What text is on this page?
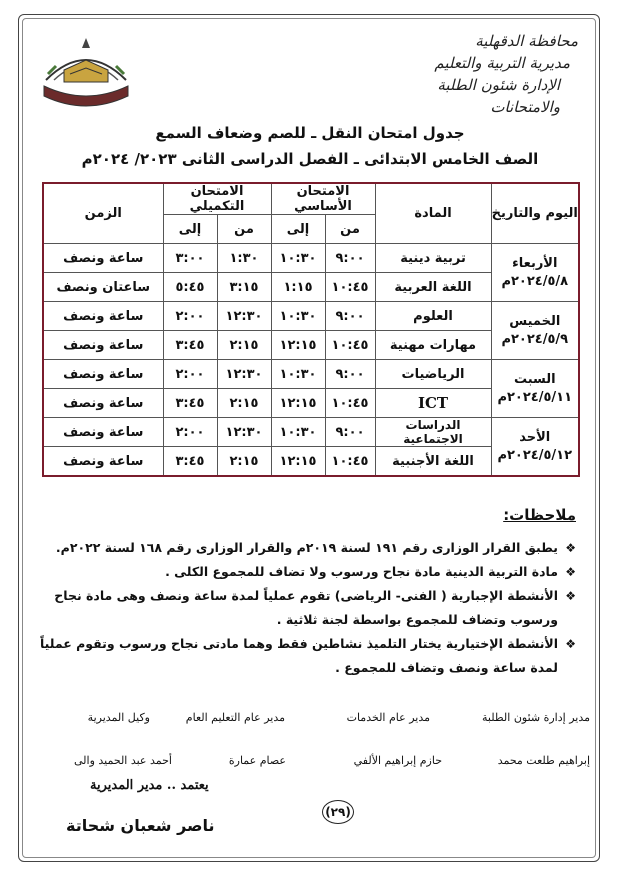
محافظة الدقهلية
مديرية التربية والتعليم
الإدارة شئون الطلبة والامتحانات
جدول امتحان النقل ـ للصم وضعاف السمع
الصف الخامس الابتدائى ـ الفصل الدراسى الثانى ٢٠٢٣/ ٢٠٢٤م
اليوم والتاريخ	المادة	الامتحان الأساسي		الامتحان التكميلي		الزمن
		من	إلى	من	إلى	

الأربعاء
٢٠٢٤/٥/٨م	تربية دينية	٩:٠٠	١٠:٣٠	١:٣٠	٣:٠٠	ساعة ونصف
	اللغة العربية	١٠:٤٥	١:١٥	٣:١٥	٥:٤٥	ساعتان ونصف

الخميس
٢٠٢٤/٥/٩م	العلوم	٩:٠٠	١٠:٣٠	١٢:٣٠	٢:٠٠	ساعة ونصف
	مهارات مهنية	١٠:٤٥	١٢:١٥	٢:١٥	٣:٤٥	ساعة ونصف

السبت
٢٠٢٤/٥/١١م	الرياضيات	٩:٠٠	١٠:٣٠	١٢:٣٠	٢:٠٠	ساعة ونصف
	ICT	١٠:٤٥	١٢:١٥	٢:١٥	٣:٤٥	ساعة ونصف

الأحد
٢٠٢٤/٥/١٢م	الدراسات الاجتماعية	٩:٠٠	١٠:٣٠	١٢:٣٠	٢:٠٠	ساعة ونصف
	اللغة الأجنبية	١٠:٤٥	١٢:١٥	٢:١٥	٣:٤٥	ساعة ونصف
ملاحظات:
❖
يطبق القرار الوزارى رقم ١٩١ لسنة ٢٠١٩م والقرار الوزارى رقم ١٦٨ لسنة ٢٠٢٢م.
❖
مادة التربية الدينية مادة نجاح ورسوب ولا تضاف للمجموع الكلى .
❖
الأنشطة الإجبارية ( الفنى- الرياضى) تقوم عملياً لمدة ساعة ونصف وهى مادة نجاح ورسوب وتضاف للمجموع بواسطة لجنة ثلاثية .
❖
الأنشطة الإختيارية يختار التلميذ نشاطين فقط وهما مادتى نجاح ورسوب وتقوم عملياً لمدة ساعة ونصف وتضاف للمجموع .
مدير إدارة شئون الطلبة
مدير عام الخدمات
مدير عام التعليم العام
وكيل المديرية
إبراهيم طلعت محمد
حازم إبراهيم الألفي
عصام عمارة
أحمد عبد الحميد والى
يعتمد .. مدير المديرية
ناصر شعبان شحاتة
(٢٩)
